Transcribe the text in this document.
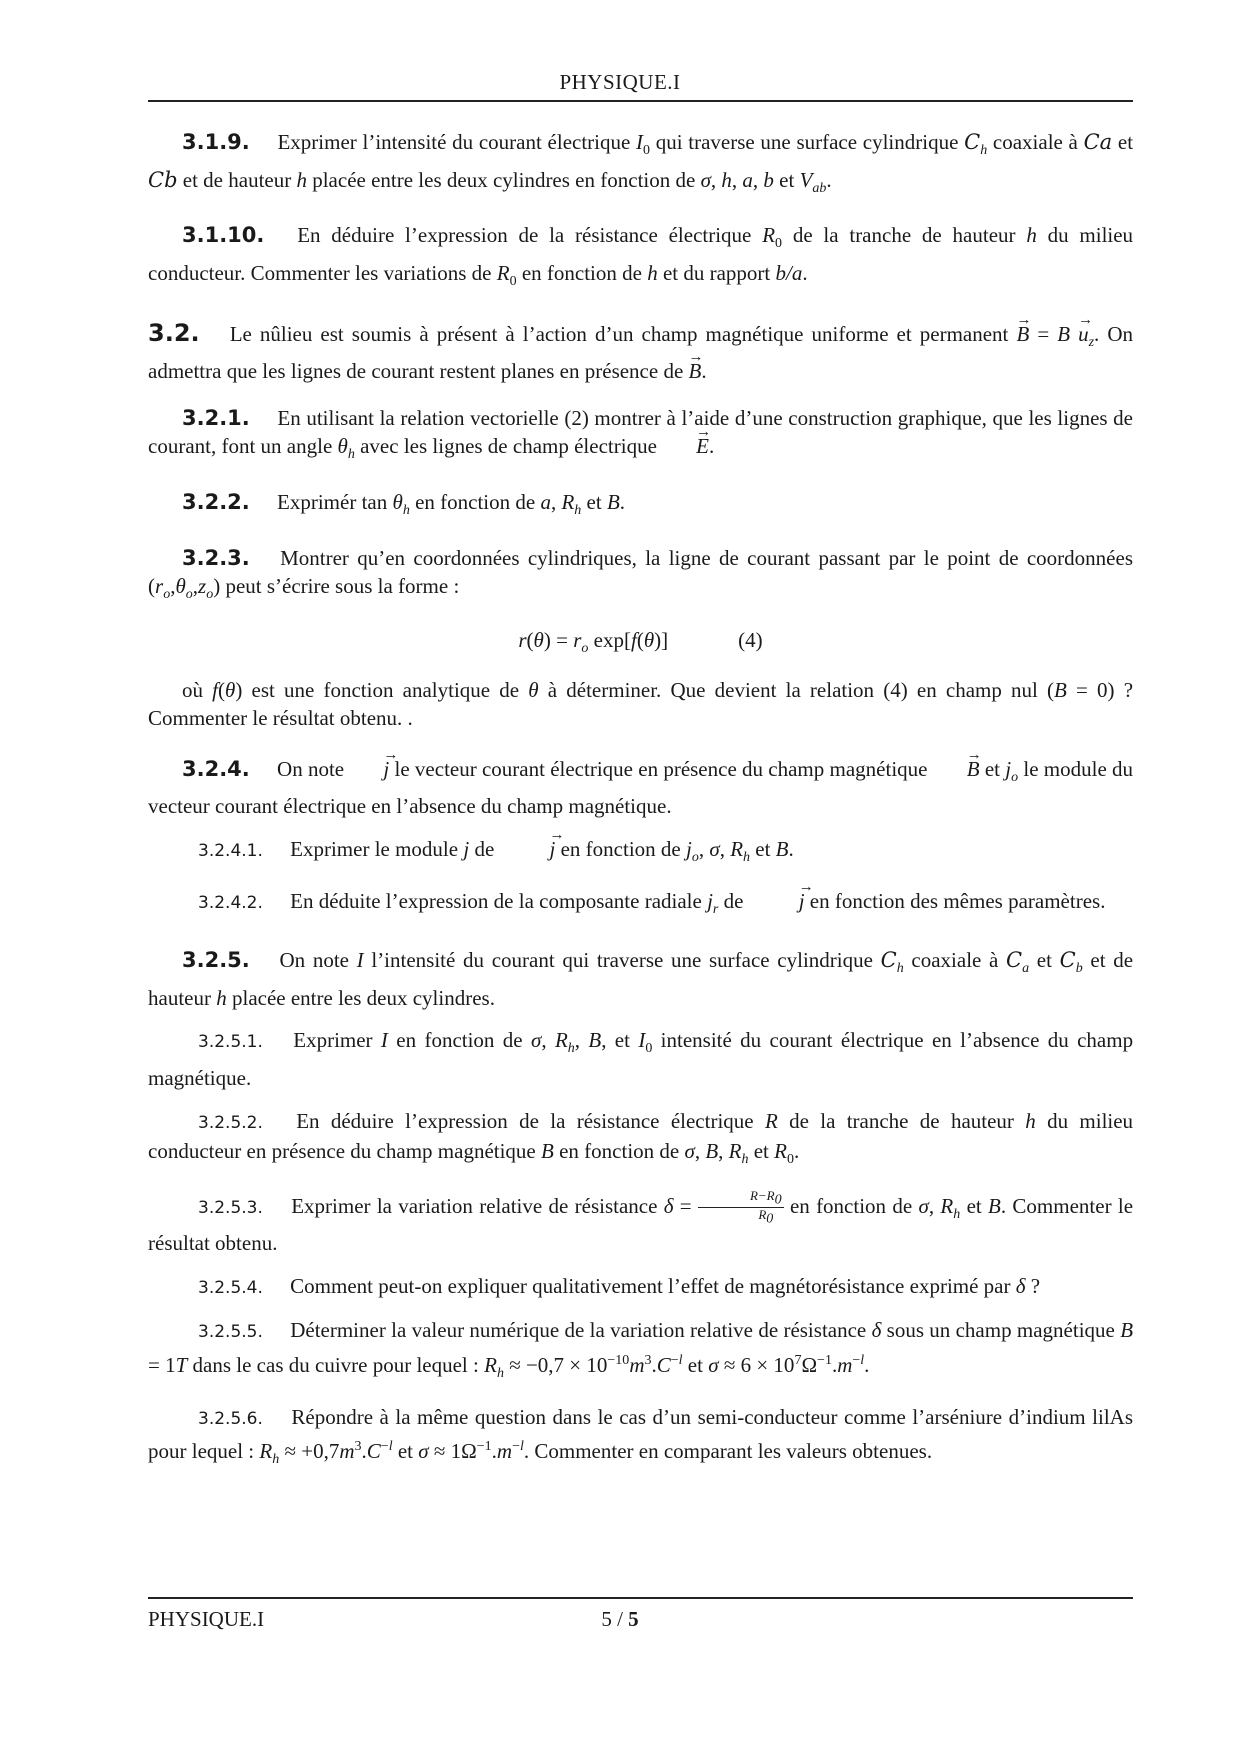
PHYSIQUE.I

3.1.9. Exprimer l’intensité du courant électrique $I_0$ qui traverse une surface cylindrique $C_h$ coaxiale à Ca et Cb et de hauteur h placée entre les deux cylindres en fonction de σ, h, a, b et $V_{ab}$.

3.1.10. En déduire l’expression de la résistance électrique $R_0$ de la tranche de hauteur h du milieu conducteur. Commenter les variations de $R_0$ en fonction de h et du rapport b/a.

3.2. Le nûlieu est soumis à présent à l’action d’un champ magnétique uniforme et permanent → $B = B \to u_z$. On admettra que les lignes de courant restent planes en présence de → B.

3.2.1. En utilisant la relation vectorielle (2) montrer à l’aide d’une construction graphique, que les lignes de courant, font un angle $\theta_h$ avec les lignes de champ électrique → E.

3.2.2. Exprimér $\tan \theta_h$ en fonction de a, $R_h$ et B.

3.2.3. Montrer qu’en coordonnées cylindriques, la ligne de courant passant par le point de coordonnées $(r_o,\theta_o,z_o)$ peut s’écrire sous la forme :

$r(\theta) = r_o$ exp[f(θ)]	(4)

où f(θ) est une fonction analytique de θ à déterminer. Que devient la relation (4) en champ nul (B = 0) ? Commenter le résultat obtenu. .

3.2.4. On note → j le vecteur courant électrique en présence du champ magnétique → B et $j_o$ le module du vecteur courant électrique en l’absence du champ magnétique.

3.2.4.1. Exprimer le module j de	→ j en fonction de $j_o$, σ, $R_h$ et B.

3.2.4.2. En déduite l’expression de la composante radiale $j_r$ de	→ j en fonction des mêmes paramètres.

3.2.5. On note I l’intensité du courant qui traverse une surface cylindrique $C_h$ coaxiale à $C_a$ et $C_b$ et de hauteur h placée entre les deux cylindres.

3.2.5.1. Exprimer I en fonction de σ, $R_h$, B, et $I_0$ intensité du courant électrique en l’absence du champ magnétique.

3.2.5.2. En déduire l’expression de la résistance électrique R de la tranche de hauteur h du milieu conducteur en présence du champ magnétique B en fonction de σ, B, $R_h$ et $R_0$.

3.2.5.3. Exprimer la variation relative de résistance $\delta = \frac{R-R_0}{R_0}$ en fonction de σ, $R_h$ et B. Commenter le résultat obtenu.

3.2.5.4. Comment peut-on expliquer qualitativement l’effet de magnétorésistance exprimé par δ ?

3.2.5.5. Déterminer la valeur numérique de la variation relative de résistance δ sous un champ magnétique B = 1T dans le cas du cuivre pour lequel : $R_h \approx -0,7 \times 10^{-10}m^3.C^{-l}$ et $\sigma \approx 6 \times 10^7\Omega^{-1}.m^{-l}$.

3.2.5.6. Répondre à la même question dans le cas d’un semi-conducteur comme l’arséniure d’indium lilAs pour lequel : $R_h \approx +0,7m^3.C^{-l}$ et $\sigma \approx 1\Omega^{-1}.m^{-l}$. Commenter en comparant les valeurs obtenues.

PHYSIQUE.I	5 / 5
